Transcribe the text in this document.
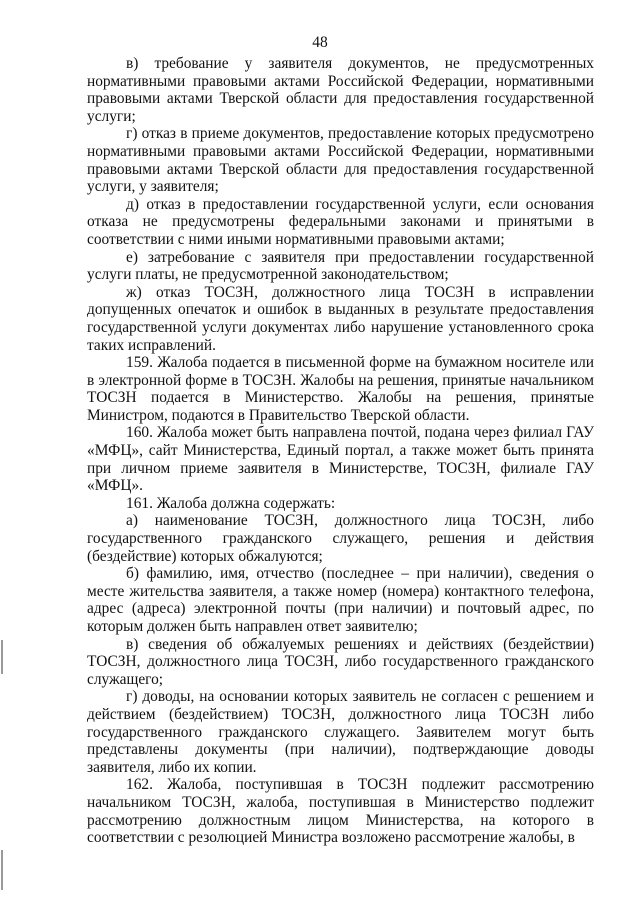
48

в) требование у заявителя документов, не предусмотренных нормативными правовыми актами Российской Федерации, нормативными правовыми актами Тверской области для предоставления государственной услуги;

г) отказ в приеме документов, предоставление которых предусмотрено нормативными правовыми актами Российской Федерации, нормативными правовыми актами Тверской области для предоставления государственной услуги, у заявителя;

д) отказ в предоставлении государственной услуги, если основания отказа не предусмотрены федеральными законами и принятыми в соответствии с ними иными нормативными правовыми актами;

е) затребование с заявителя при предоставлении государственной услуги платы, не предусмотренной законодательством;

ж) отказ ТОСЗН, должностного лица ТОСЗН в исправлении допущенных опечаток и ошибок в выданных в результате предоставления государственной услуги документах либо нарушение установленного срока таких исправлений.

159. Жалоба подается в письменной форме на бумажном носителе или в электронной форме в ТОСЗН. Жалобы на решения, принятые начальником ТОСЗН подается в Министерство. Жалобы на решения, принятые Министром, подаются в Правительство Тверской области.

160. Жалоба может быть направлена почтой, подана через филиал ГАУ «МФЦ», сайт Министерства, Единый портал, а также может быть принята при личном приеме заявителя в Министерстве, ТОСЗН, филиале ГАУ «МФЦ».

161. Жалоба должна содержать:

а) наименование ТОСЗН, должностного лица ТОСЗН, либо государственного гражданского служащего, решения и действия (бездействие) которых обжалуются;

б) фамилию, имя, отчество (последнее – при наличии), сведения о месте жительства заявителя, а также номер (номера) контактного телефона, адрес (адреса) электронной почты (при наличии) и почтовый адрес, по которым должен быть направлен ответ заявителю;

в) сведения об обжалуемых решениях и действиях (бездействии) ТОСЗН, должностного лица ТОСЗН, либо государственного гражданского служащего;

г) доводы, на основании которых заявитель не согласен с решением и действием (бездействием) ТОСЗН, должностного лица ТОСЗН либо государственного гражданского служащего. Заявителем могут быть представлены документы (при наличии), подтверждающие доводы заявителя, либо их копии.

162. Жалоба, поступившая в ТОСЗН подлежит рассмотрению начальником ТОСЗН, жалоба, поступившая в Министерство подлежит рассмотрению должностным лицом Министерства, на которого в соответствии с резолюцией Министра возложено рассмотрение жалобы, в
